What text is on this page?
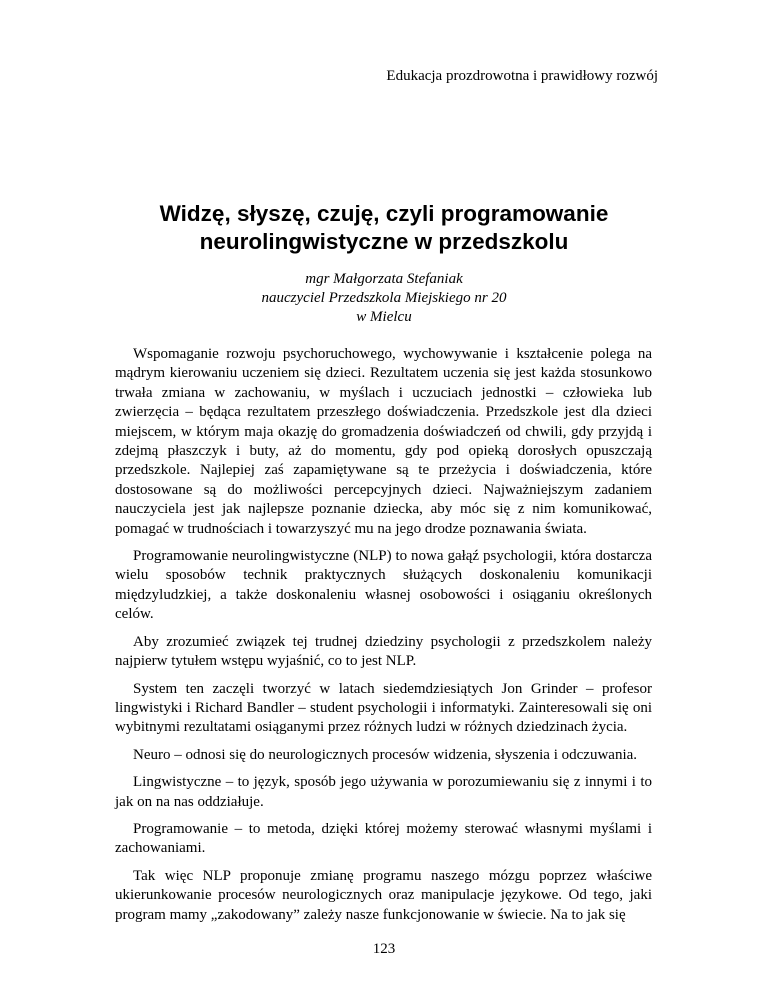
Edukacja prozdrowotna i prawidłowy rozwój
Widzę, słyszę, czuję, czyli programowanie
neurolingwistyczne w przedszkolu
mgr Małgorzata Stefaniak
nauczyciel Przedszkola Miejskiego nr 20
w Mielcu

Wspomaganie rozwoju psychoruchowego, wychowywanie i kształcenie polega na mądrym kierowaniu uczeniem się dzieci. Rezultatem uczenia się jest każda stosunkowo trwała zmiana w zachowaniu, w myślach i uczuciach jednostki – człowieka lub zwierzęcia – będąca rezultatem przeszłego doświadczenia. Przedszkole jest dla dzieci miejscem, w którym maja okazję do gromadzenia doświadczeń od chwili, gdy przyjdą i zdejmą płaszczyk i buty, aż do momentu, gdy pod opieką dorosłych opuszczają przedszkole. Najlepiej zaś zapamiętywane są te przeżycia i doświadczenia, które dostosowane są do możliwości percepcyjnych dzieci. Najważniejszym zadaniem nauczyciela jest jak najlepsze poznanie dziecka, aby móc się z nim komunikować, pomagać w trudnościach i towarzyszyć mu na jego drodze poznawania świata.

Programowanie neurolingwistyczne (NLP) to nowa gałąź psychologii, która dostarcza wielu sposobów technik praktycznych służących doskonaleniu komunikacji międzyludzkiej, a także doskonaleniu własnej osobowości i osiąganiu określonych celów.

Aby zrozumieć związek tej trudnej dziedziny psychologii z przedszkolem należy najpierw tytułem wstępu wyjaśnić, co to jest NLP.

System ten zaczęli tworzyć w latach siedemdziesiątych Jon Grinder – profesor lingwistyki i Richard Bandler – student psychologii i informatyki. Zainteresowali się oni wybitnymi rezultatami osiąganymi przez różnych ludzi w różnych dziedzinach życia.

Neuro – odnosi się do neurologicznych procesów widzenia, słyszenia i odczuwania.

Lingwistyczne – to język, sposób jego używania w porozumiewaniu się z innymi i to jak on na nas oddziałuje.

Programowanie – to metoda, dzięki której możemy sterować własnymi myślami i zachowaniami.

Tak więc NLP proponuje zmianę programu naszego mózgu poprzez właściwe ukierunkowanie procesów neurologicznych oraz manipulacje językowe. Od tego, jaki program mamy „zakodowany” zależy nasze funkcjonowanie w świecie. Na to jak się

123
